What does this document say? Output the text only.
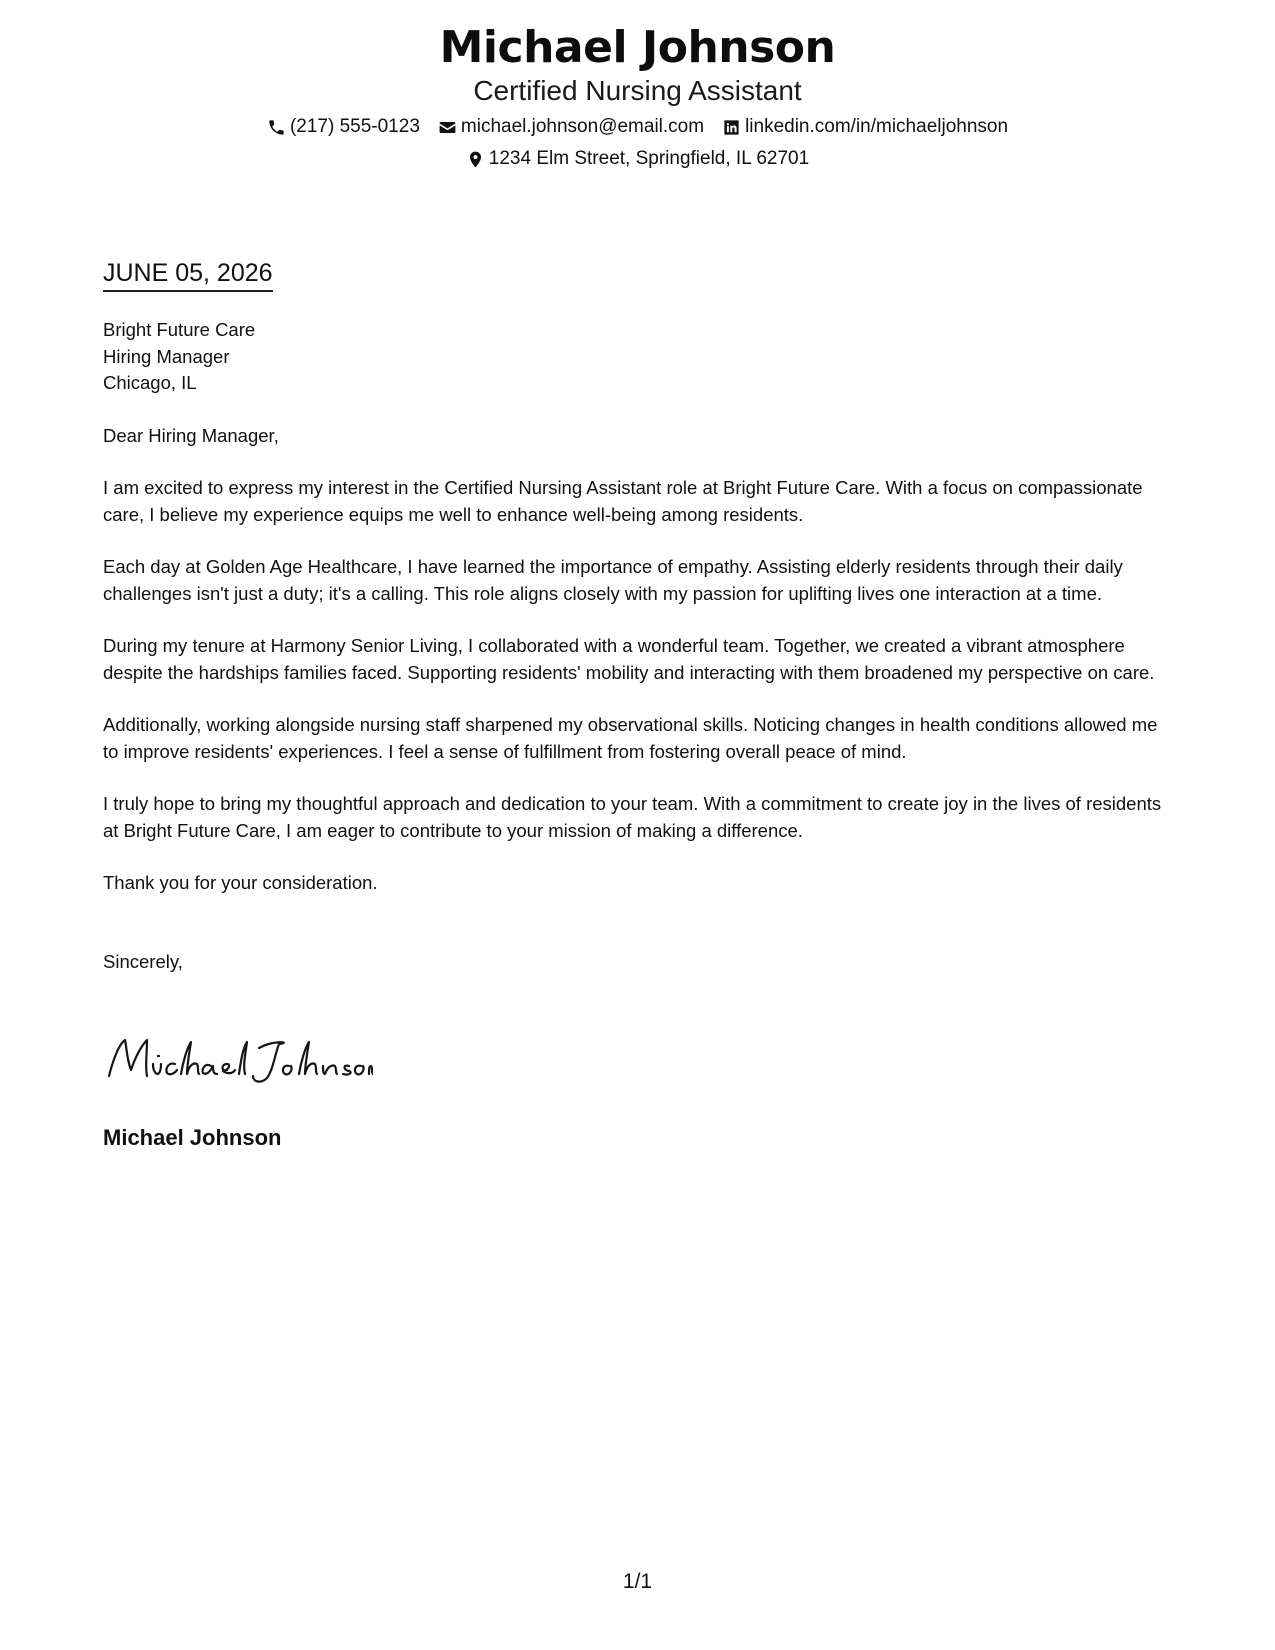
Michael Johnson
Certified Nursing Assistant
(217) 555-0123 michael.johnson@email.com linkedin.com/in/michaeljohnson
1234 Elm Street, Springfield, IL 62701
JUNE 05, 2026
Bright Future Care
Hiring Manager
Chicago, IL

Dear Hiring Manager,

I am excited to express my interest in the Certified Nursing Assistant role at Bright Future Care. With a focus on compassionate care, I believe my experience equips me well to enhance well-being among residents.

Each day at Golden Age Healthcare, I have learned the importance of empathy. Assisting elderly residents through their daily challenges isn't just a duty; it's a calling. This role aligns closely with my passion for uplifting lives one interaction at a time.

During my tenure at Harmony Senior Living, I collaborated with a wonderful team. Together, we created a vibrant atmosphere despite the hardships families faced. Supporting residents' mobility and interacting with them broadened my perspective on care.

Additionally, working alongside nursing staff sharpened my observational skills. Noticing changes in health conditions allowed me to improve residents' experiences. I feel a sense of fulfillment from fostering overall peace of mind.

I truly hope to bring my thoughtful approach and dedication to your team. With a commitment to create joy in the lives of residents at Bright Future Care, I am eager to contribute to your mission of making a difference.

Thank you for your consideration.

Sincerely,

Michael Johnson
1/1
